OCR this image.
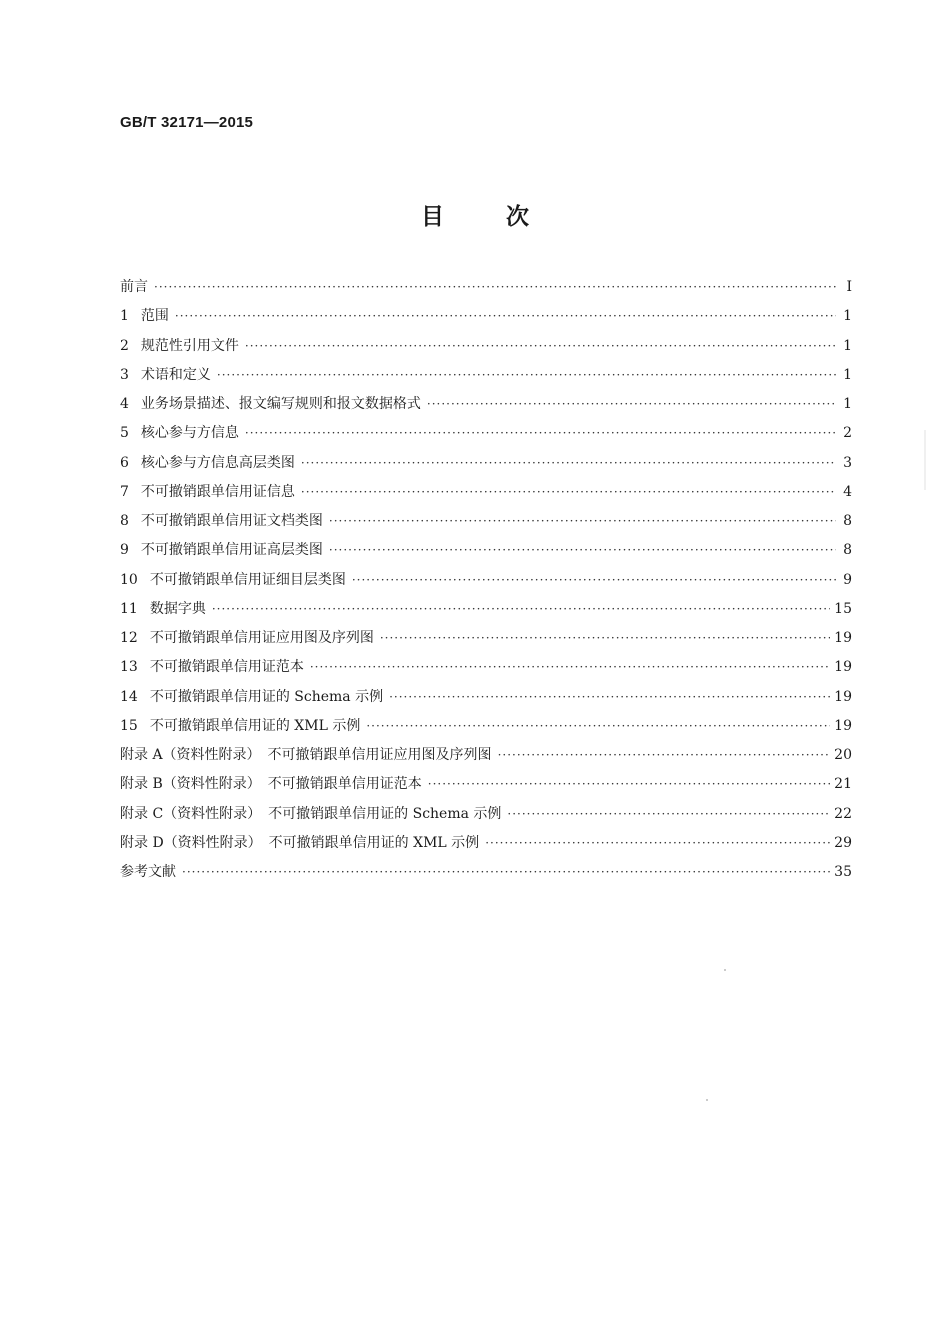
GB/T 32171—2015
目	次
前言 ·····	Ⅰ
1 范围 ·····	1
2 规范性引用文件 ·····	1
3 术语和定义 ·····	1
4 业务场景描述、报文编写规则和报文数据格式 ·····	1
5 核心参与方信息 ·····	2
6 核心参与方信息高层类图 ·····	3
7 不可撤销跟单信用证信息 ·····	4
8 不可撤销跟单信用证文档类图 ·····	8
9 不可撤销跟单信用证高层类图 ·····	8
10 不可撤销跟单信用证细目层类图 ·····	9
11 数据字典 ·····	15
12 不可撤销跟单信用证应用图及序列图 ·····	19
13 不可撤销跟单信用证范本 ·····	19
14 不可撤销跟单信用证的 Schema 示例 ·····	19
15 不可撤销跟单信用证的 XML 示例 ·····	19
附录 A（资料性附录）　不可撤销跟单信用证应用图及序列图 ·····	20
附录 B（资料性附录）　不可撤销跟单信用证范本 ·····	21
附录 C（资料性附录）　不可撤销跟单信用证的 Schema 示例 ·····	22
附录 D（资料性附录）　不可撤销跟单信用证的 XML 示例 ·····	29
参考文献 ·····	35
